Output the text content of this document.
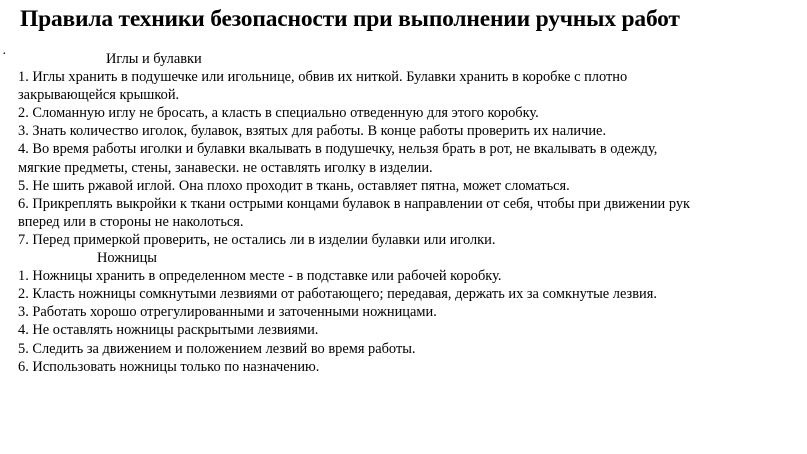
Правила техники безопасности при выполнении ручных работ
·	Иглы и булавки

1. Иглы хранить в подушечке или игольнице, обвив их ниткой. Булавки хранить в коробке с плотно

закрывающейся крышкой.

2. Сломанную иглу не бросать, а класть в специально отведенную для этого коробку.

3. Знать количество иголок, булавок, взятых для работы. В конце работы проверить их наличие.

4. Во время работы иголки и булавки вкалывать в подушечку, нельзя брать в рот, не вкалывать в одежду,

мягкие предметы, стены, занавески. не оставлять иголку в изделии.

5. Не шить ржавой иглой. Она плохо проходит в ткань, оставляет пятна, может сломаться.

6. Прикреплять выкройки к ткани острыми концами булавок в направлении от себя, чтобы при движении рук

вперед или в стороны не наколоться.

7. Перед примеркой проверить, не остались ли в изделии булавки или иголки.

Ножницы

1. Ножницы хранить в определенном месте - в подставке или рабочей коробку.

2. Класть ножницы сомкнутыми лезвиями от работающего; передавая, держать их за сомкнутые лезвия.

3. Работать хорошо отрегулированными и заточенными ножницами.

4. Не оставлять ножницы раскрытыми лезвиями.

5. Следить за движением и положением лезвий во время работы.

6. Использовать ножницы только по назначению.
